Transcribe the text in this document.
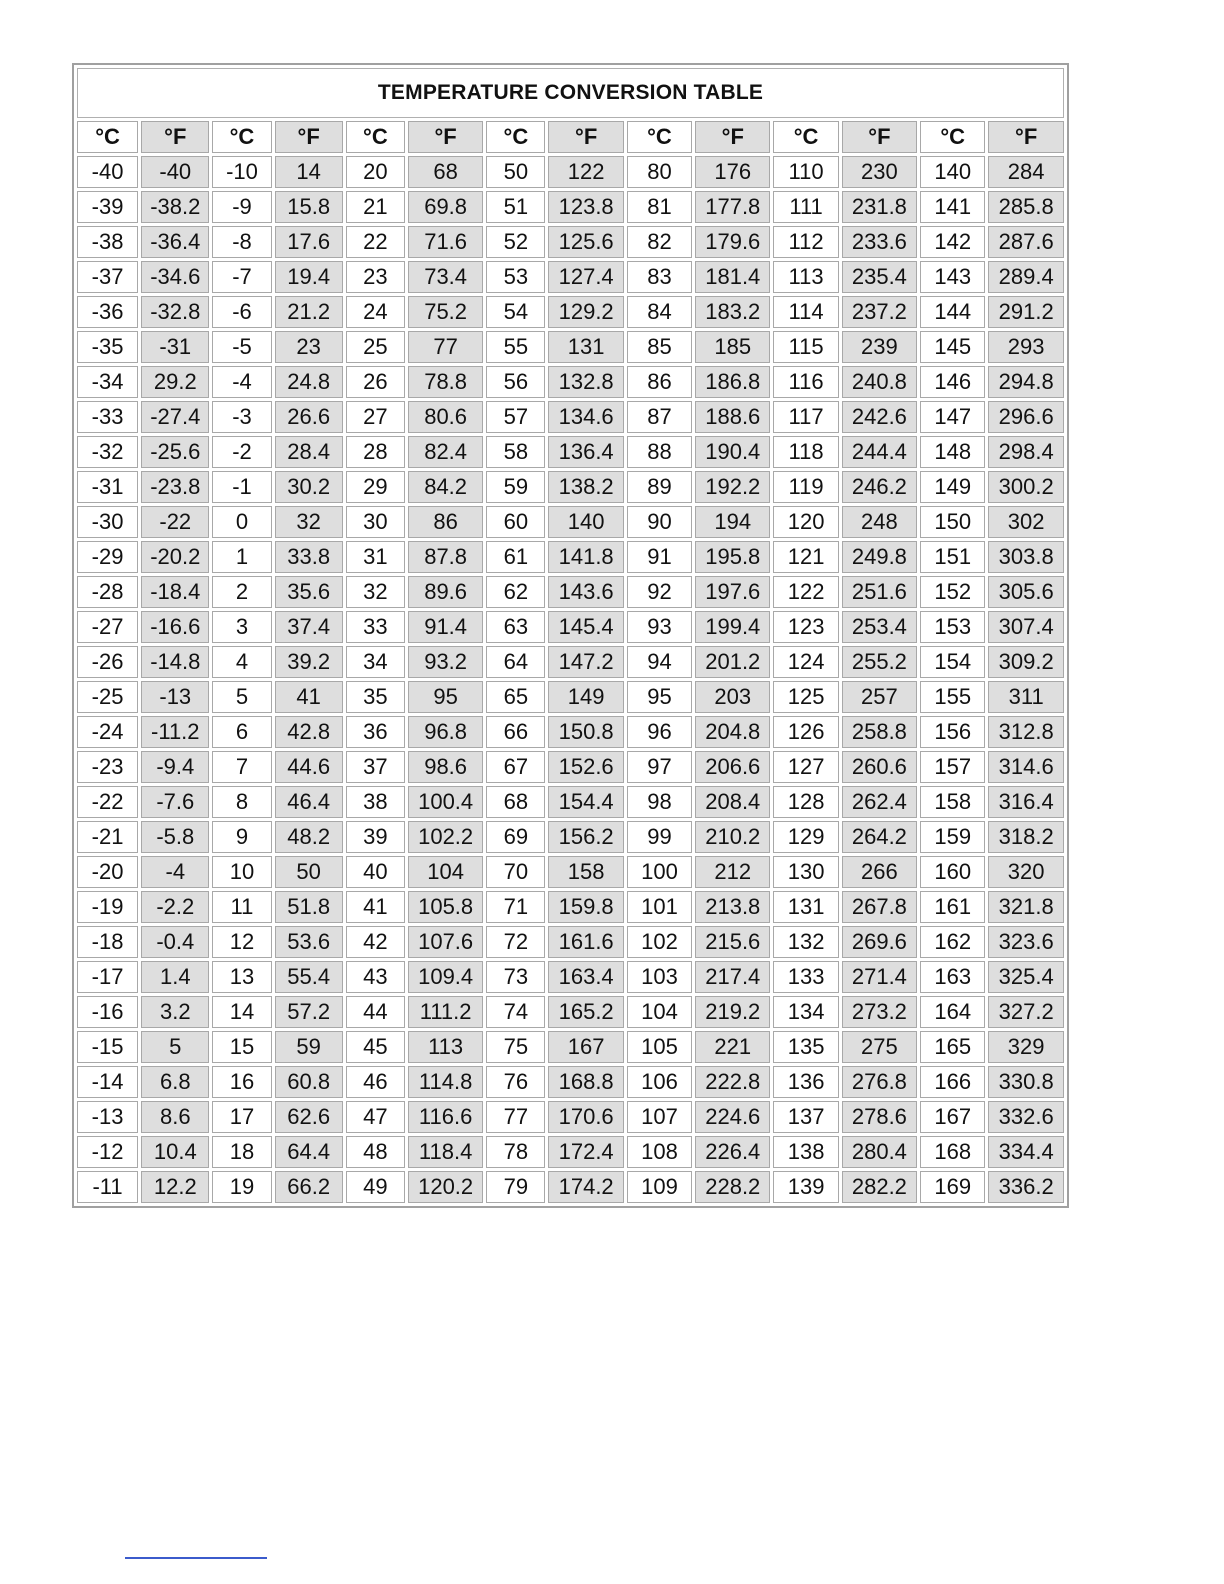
TEMPERATURE CONVERSION TABLE													
°C	°F	°C	°F	°C	°F	°C	°F	°C	°F	°C	°F	°C	°F
-40	-40	-10	14	20	68	50	122	80	176	110	230	140	284
-39	-38.2	-9	15.8	21	69.8	51	123.8	81	177.8	111	231.8	141	285.8
-38	-36.4	-8	17.6	22	71.6	52	125.6	82	179.6	112	233.6	142	287.6
-37	-34.6	-7	19.4	23	73.4	53	127.4	83	181.4	113	235.4	143	289.4
-36	-32.8	-6	21.2	24	75.2	54	129.2	84	183.2	114	237.2	144	291.2
-35	-31	-5	23	25	77	55	131	85	185	115	239	145	293
-34	29.2	-4	24.8	26	78.8	56	132.8	86	186.8	116	240.8	146	294.8
-33	-27.4	-3	26.6	27	80.6	57	134.6	87	188.6	117	242.6	147	296.6
-32	-25.6	-2	28.4	28	82.4	58	136.4	88	190.4	118	244.4	148	298.4
-31	-23.8	-1	30.2	29	84.2	59	138.2	89	192.2	119	246.2	149	300.2
-30	-22	0	32	30	86	60	140	90	194	120	248	150	302
-29	-20.2	1	33.8	31	87.8	61	141.8	91	195.8	121	249.8	151	303.8
-28	-18.4	2	35.6	32	89.6	62	143.6	92	197.6	122	251.6	152	305.6
-27	-16.6	3	37.4	33	91.4	63	145.4	93	199.4	123	253.4	153	307.4
-26	-14.8	4	39.2	34	93.2	64	147.2	94	201.2	124	255.2	154	309.2
-25	-13	5	41	35	95	65	149	95	203	125	257	155	311
-24	-11.2	6	42.8	36	96.8	66	150.8	96	204.8	126	258.8	156	312.8
-23	-9.4	7	44.6	37	98.6	67	152.6	97	206.6	127	260.6	157	314.6
-22	-7.6	8	46.4	38	100.4	68	154.4	98	208.4	128	262.4	158	316.4
-21	-5.8	9	48.2	39	102.2	69	156.2	99	210.2	129	264.2	159	318.2
-20	-4	10	50	40	104	70	158	100	212	130	266	160	320
-19	-2.2	11	51.8	41	105.8	71	159.8	101	213.8	131	267.8	161	321.8
-18	-0.4	12	53.6	42	107.6	72	161.6	102	215.6	132	269.6	162	323.6
-17	1.4	13	55.4	43	109.4	73	163.4	103	217.4	133	271.4	163	325.4
-16	3.2	14	57.2	44	111.2	74	165.2	104	219.2	134	273.2	164	327.2
-15	5	15	59	45	113	75	167	105	221	135	275	165	329
-14	6.8	16	60.8	46	114.8	76	168.8	106	222.8	136	276.8	166	330.8
-13	8.6	17	62.6	47	116.6	77	170.6	107	224.6	137	278.6	167	332.6
-12	10.4	18	64.4	48	118.4	78	172.4	108	226.4	138	280.4	168	334.4
-11	12.2	19	66.2	49	120.2	79	174.2	109	228.2	139	282.2	169	336.2
